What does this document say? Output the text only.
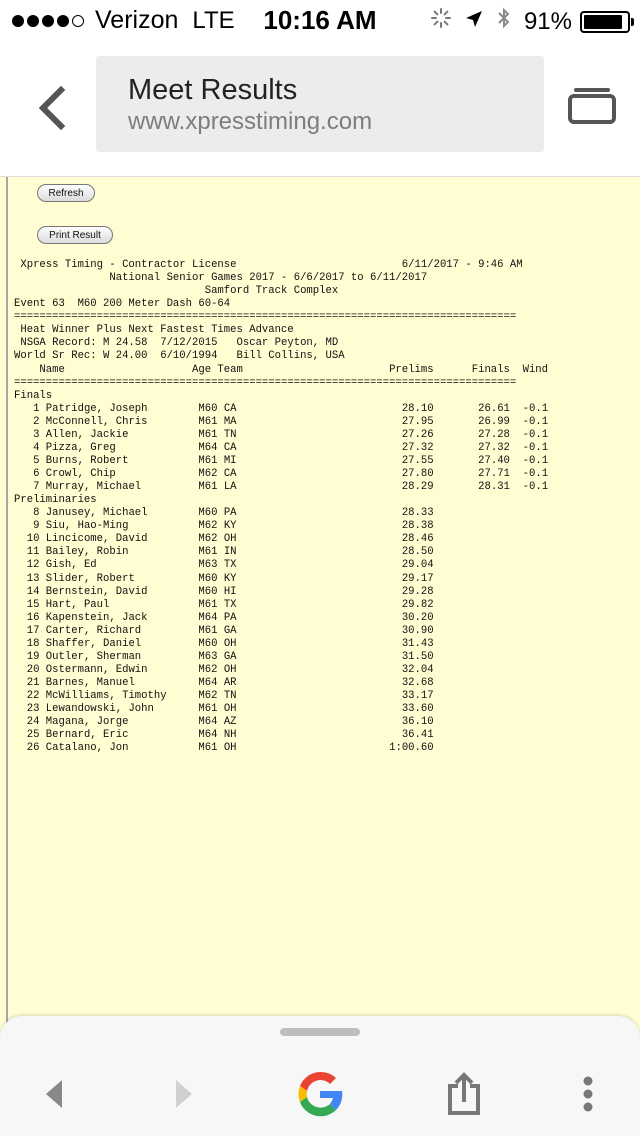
Verizon LTE	10:16 AM	91%
Meet Results
www.xpresstiming.com
Refresh
Print Result
Xpress Timing - Contractor License                          6/11/2017 - 9:46 AM
National Senior Games 2017 - 6/6/2017 to 6/11/2017
Samford Track Complex
Event 63  M60 200 Meter Dash 60-64
===============================================================================
Heat Winner Plus Next Fastest Times Advance
NSGA Record: M 24.58  7/12/2015   Oscar Peyton, MD
World Sr Rec: W 24.00  6/10/1994   Bill Collins, USA
Name                    Age Team                       Prelims      Finals  Wind
===============================================================================
Finals
1 Patridge, Joseph        M60 CA                          28.10       26.61  -0.1
2 McConnell, Chris        M61 MA                          27.95       26.99  -0.1
3 Allen, Jackie           M61 TN                          27.26       27.28  -0.1
4 Pizza, Greg             M64 CA                          27.32       27.32  -0.1
5 Burns, Robert           M61 MI                          27.55       27.40  -0.1
6 Crowl, Chip             M62 CA                          27.80       27.71  -0.1
7 Murray, Michael         M61 LA                          28.29       28.31  -0.1
Preliminaries
8 Janusey, Michael        M60 PA                          28.33
9 Siu, Hao-Ming           M62 KY                          28.38
10 Lincicome, David        M62 OH                          28.46
11 Bailey, Robin           M61 IN                          28.50
12 Gish, Ed                M63 TX                          29.04
13 Slider, Robert          M60 KY                          29.17
14 Bernstein, David        M60 HI                          29.28
15 Hart, Paul              M61 TX                          29.82
16 Kapenstein, Jack        M64 PA                          30.20
17 Carter, Richard         M61 GA                          30.90
18 Shaffer, Daniel         M60 OH                          31.43
19 Outler, Sherman         M63 GA                          31.50
20 Ostermann, Edwin        M62 OH                          32.04
21 Barnes, Manuel          M64 AR                          32.68
22 McWilliams, Timothy     M62 TN                          33.17
23 Lewandowski, John       M61 OH                          33.60
24 Magana, Jorge           M64 AZ                          36.10
25 Bernard, Eric           M64 NH                          36.41
26 Catalano, Jon           M61 OH                        1:00.60
